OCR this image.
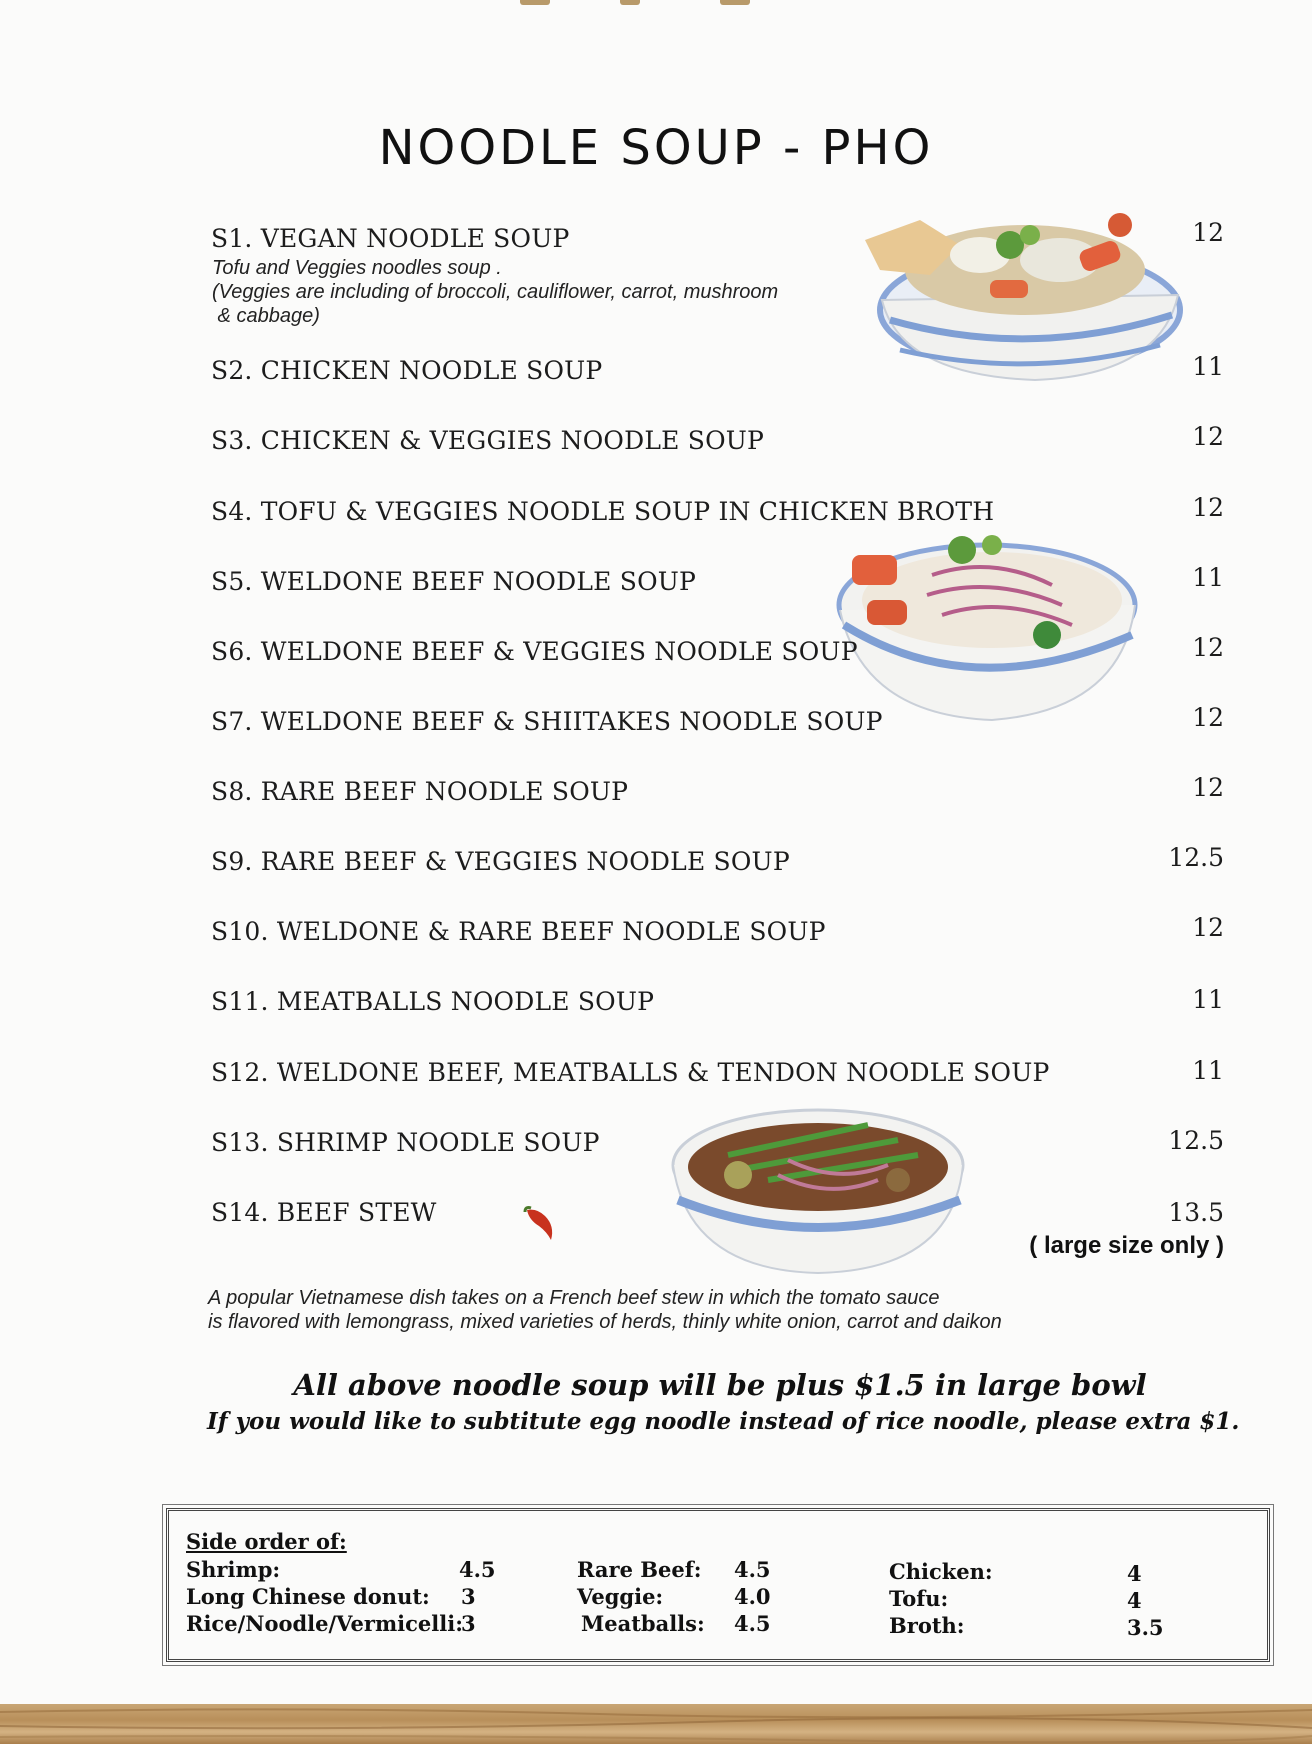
NOODLE SOUP - PHO
S1. VEGAN NOODLE SOUP	12
Tofu and Veggies noodles soup .
(Veggies are including of broccoli, cauliflower, carrot, mushroom
& cabbage)
S2. CHICKEN NOODLE SOUP	11
S3. CHICKEN & VEGGIES NOODLE SOUP	12
S4. TOFU & VEGGIES NOODLE SOUP IN CHICKEN BROTH	12
S5. WELDONE BEEF NOODLE SOUP	11
S6. WELDONE BEEF & VEGGIES NOODLE SOUP	12
S7. WELDONE BEEF & SHIITAKES NOODLE SOUP	12
S8. RARE BEEF NOODLE SOUP	12
S9. RARE BEEF & VEGGIES NOODLE SOUP	12.5
S10. WELDONE & RARE BEEF NOODLE SOUP	12
S11. MEATBALLS NOODLE SOUP	11
S12. WELDONE BEEF, MEATBALLS & TENDON NOODLE SOUP	11
S13. SHRIMP NOODLE SOUP	12.5
S14. BEEF STEW	13.5
( large size only )
A popular Vietnamese dish takes on a French beef stew in which the tomato sauce
is flavored with lemongrass, mixed varieties of herds, thinly white onion, carrot and daikon
All above noodle soup will be plus $1.5 in large bowl
If you would like to subtitute egg noodle instead of rice noodle, please extra $1.
Side order of:
Shrimp:	4.5
Long Chinese donut: 3
Rice/Noodle/Vermicelli:
3
Rare Beef: 4.5
Veggie:	4.0
Meatballs: 4.5
Chicken:	4
Tofu:	4
Broth:	3.5
